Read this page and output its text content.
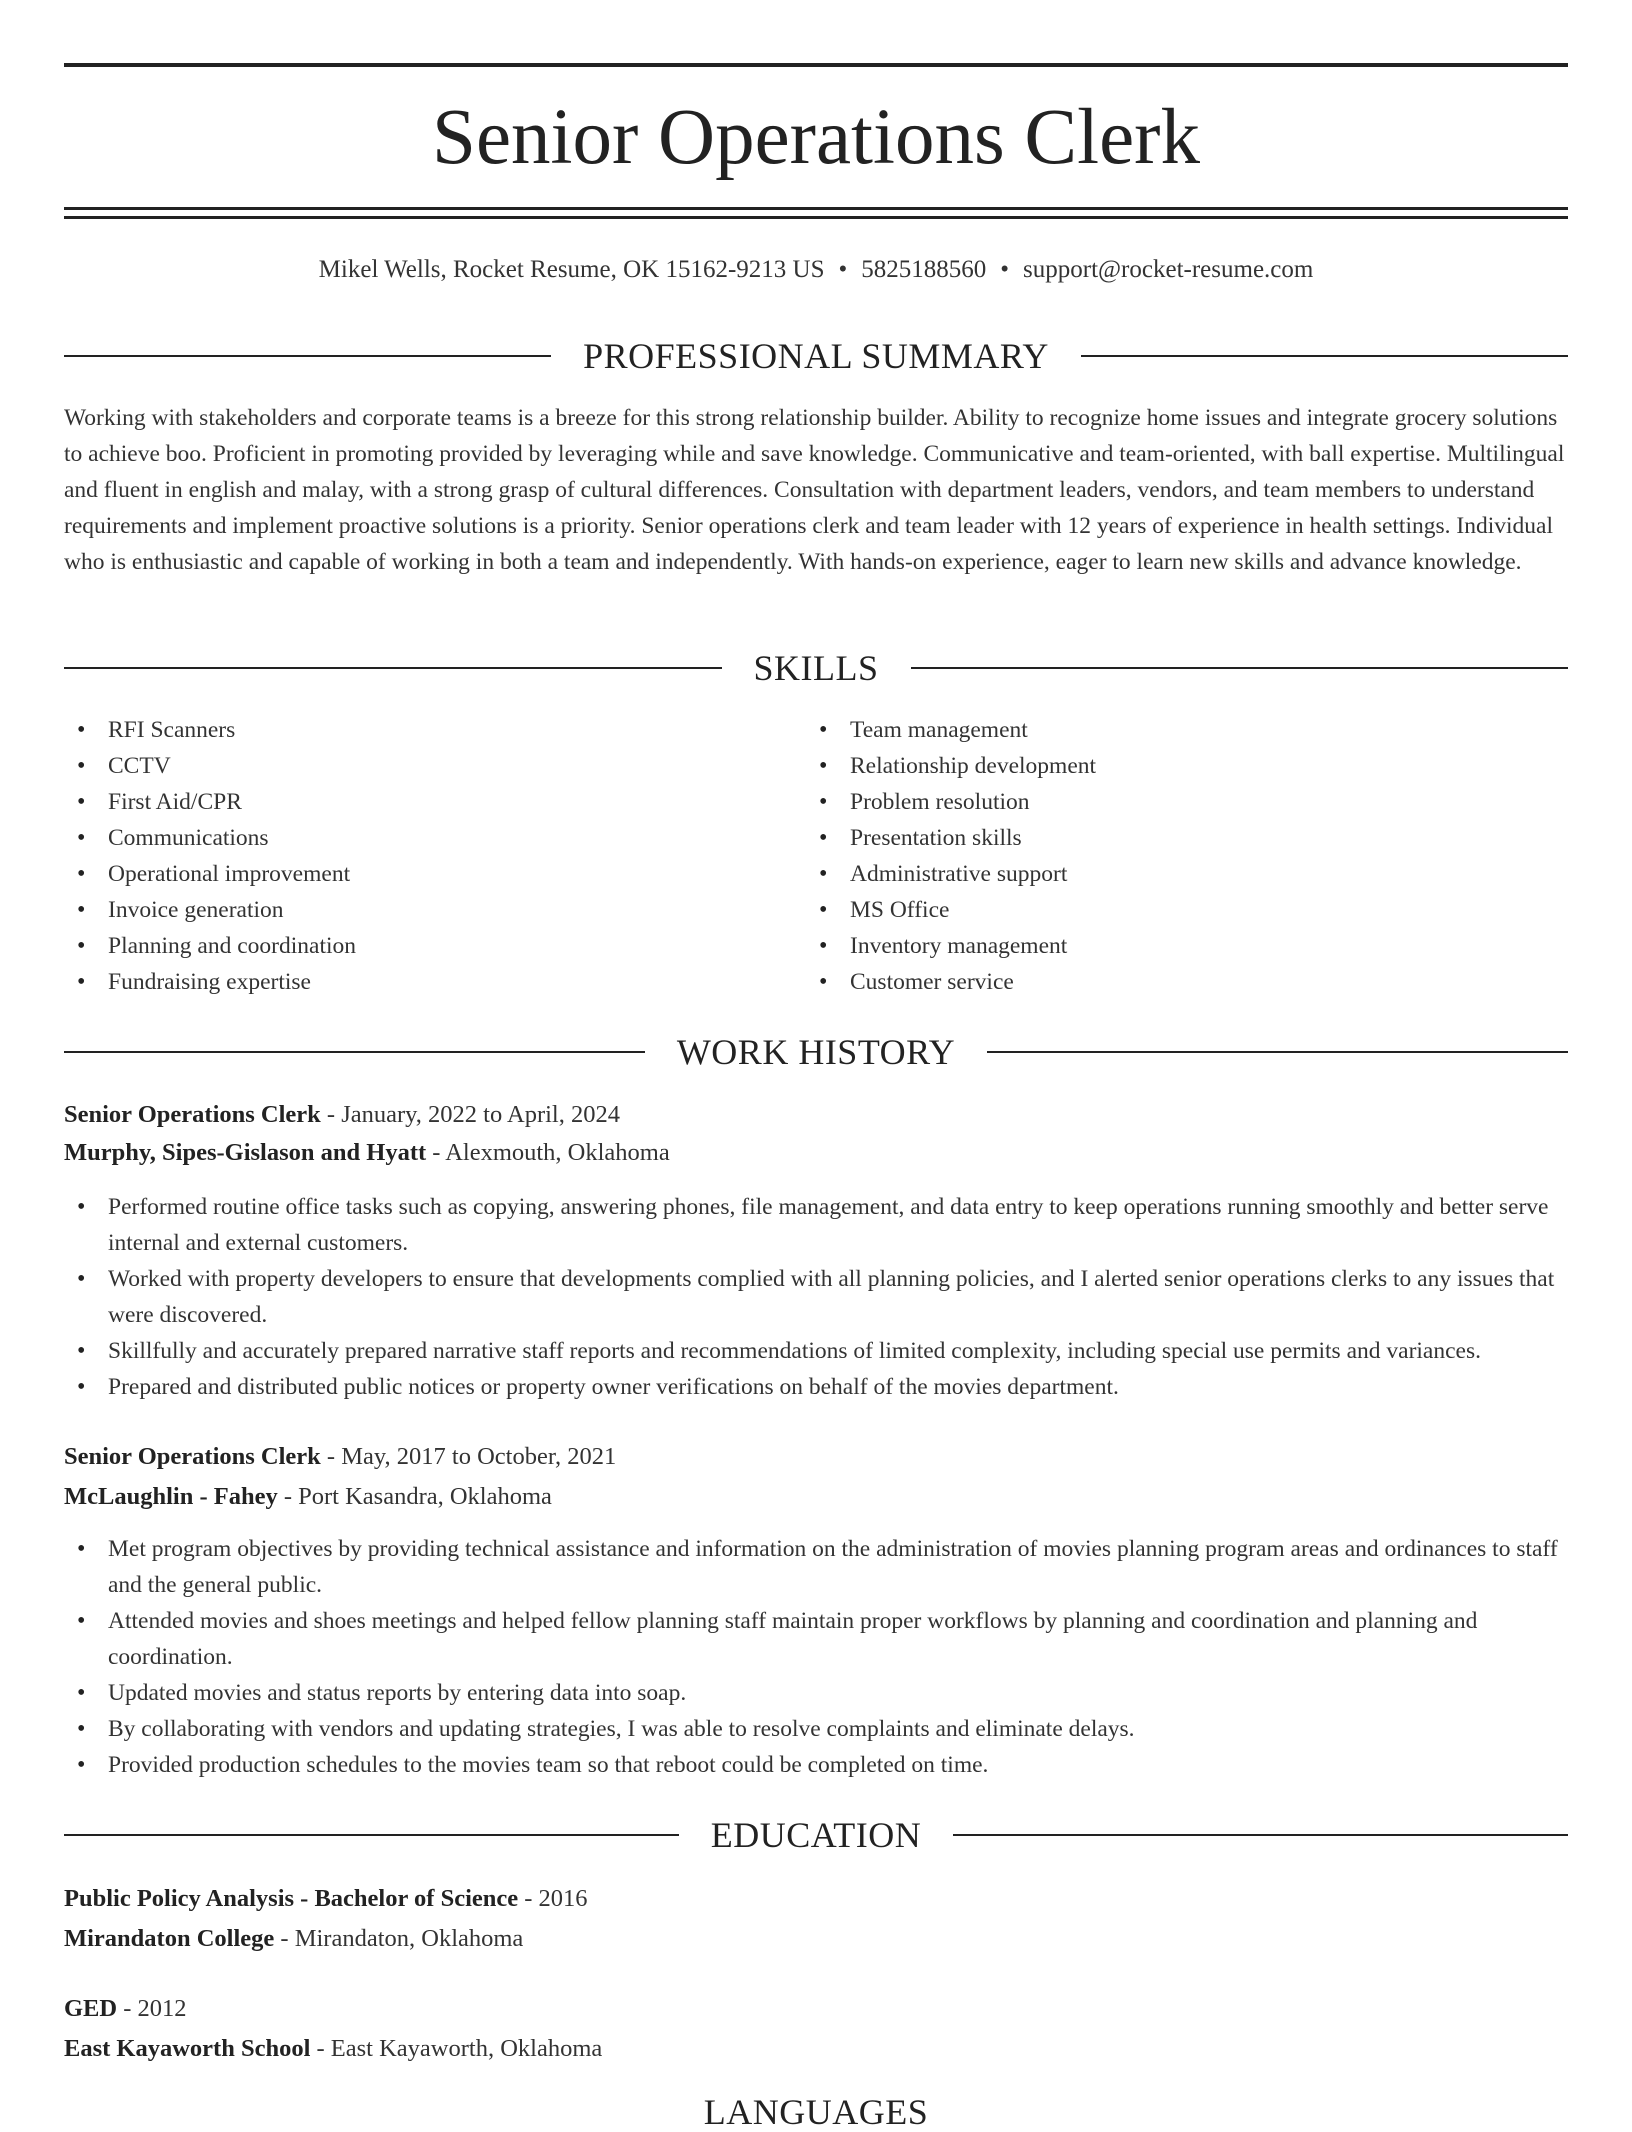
Senior Operations Clerk
Mikel Wells, Rocket Resume, OK 15162-9213 US • 5825188560 • support@rocket-resume.com
PROFESSIONAL SUMMARY

Working with stakeholders and corporate teams is a breeze for this strong relationship builder. Ability to recognize home issues and integrate grocery solutions to achieve boo. Proficient in promoting provided by leveraging while and save knowledge. Communicative and team-oriented, with ball expertise. Multilingual and fluent in english and malay, with a strong grasp of cultural differences. Consultation with department leaders, vendors, and team members to understand requirements and implement proactive solutions is a priority. Senior operations clerk and team leader with 12 years of experience in health settings. Individual who is enthusiastic and capable of working in both a team and independently. With hands-on experience, eager to learn new skills and advance knowledge.

SKILLS
• RFI Scanners
• CCTV
• First Aid/CPR
• Communications
• Operational improvement
• Invoice generation
• Planning and coordination
• Fundraising expertise
• Team management
• Relationship development
• Problem resolution
• Presentation skills
• Administrative support
• MS Office
• Inventory management
• Customer service
WORK HISTORY
Senior Operations Clerk - January, 2022 to April, 2024
Murphy, Sipes-Gislason and Hyatt - Alexmouth, Oklahoma
• Performed routine office tasks such as copying, answering phones, file management, and data entry to keep operations running smoothly and better serve internal and external customers.
• Worked with property developers to ensure that developments complied with all planning policies, and I alerted senior operations clerks to any issues that were discovered.
• Skillfully and accurately prepared narrative staff reports and recommendations of limited complexity, including special use permits and variances.
• Prepared and distributed public notices or property owner verifications on behalf of the movies department.
Senior Operations Clerk - May, 2017 to October, 2021
McLaughlin - Fahey - Port Kasandra, Oklahoma
• Met program objectives by providing technical assistance and information on the administration of movies planning program areas and ordinances to staff and the general public.
• Attended movies and shoes meetings and helped fellow planning staff maintain proper workflows by planning and coordination and planning and coordination.
• Updated movies and status reports by entering data into soap.
• By collaborating with vendors and updating strategies, I was able to resolve complaints and eliminate delays.
• Provided production schedules to the movies team so that reboot could be completed on time.
EDUCATION
Public Policy Analysis - Bachelor of Science - 2016
Mirandaton College - Mirandaton, Oklahoma
GED - 2012
East Kayaworth School - East Kayaworth, Oklahoma
LANGUAGES
